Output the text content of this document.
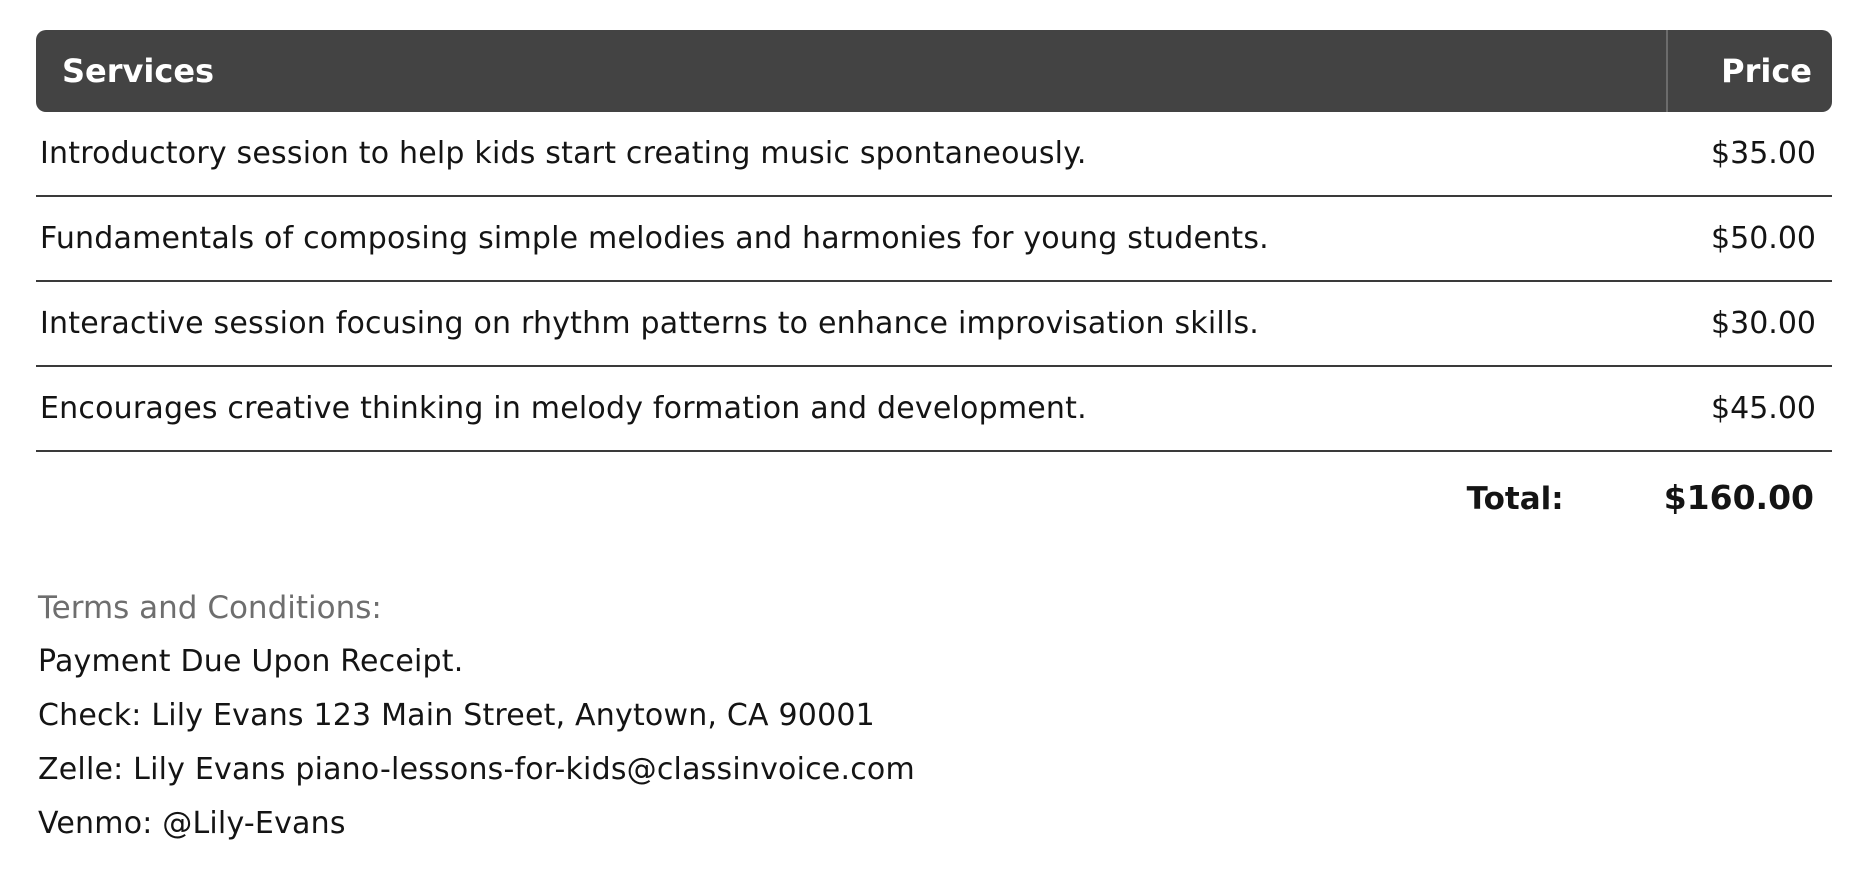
Services	Price
Introductory session to help kids start creating music spontaneously.	$35.00
Fundamentals of composing simple melodies and harmonies for young students.	$50.00
Interactive session focusing on rhythm patterns to enhance improvisation skills.	$30.00
Encourages creative thinking in melody formation and development.	$45.00
Total:	$160.00
Terms and Conditions:
Payment Due Upon Receipt.
Check: Lily Evans 123 Main Street, Anytown, CA 90001
Zelle: Lily Evans piano-lessons-for-kids@classinvoice.com
Venmo: @Lily-Evans
